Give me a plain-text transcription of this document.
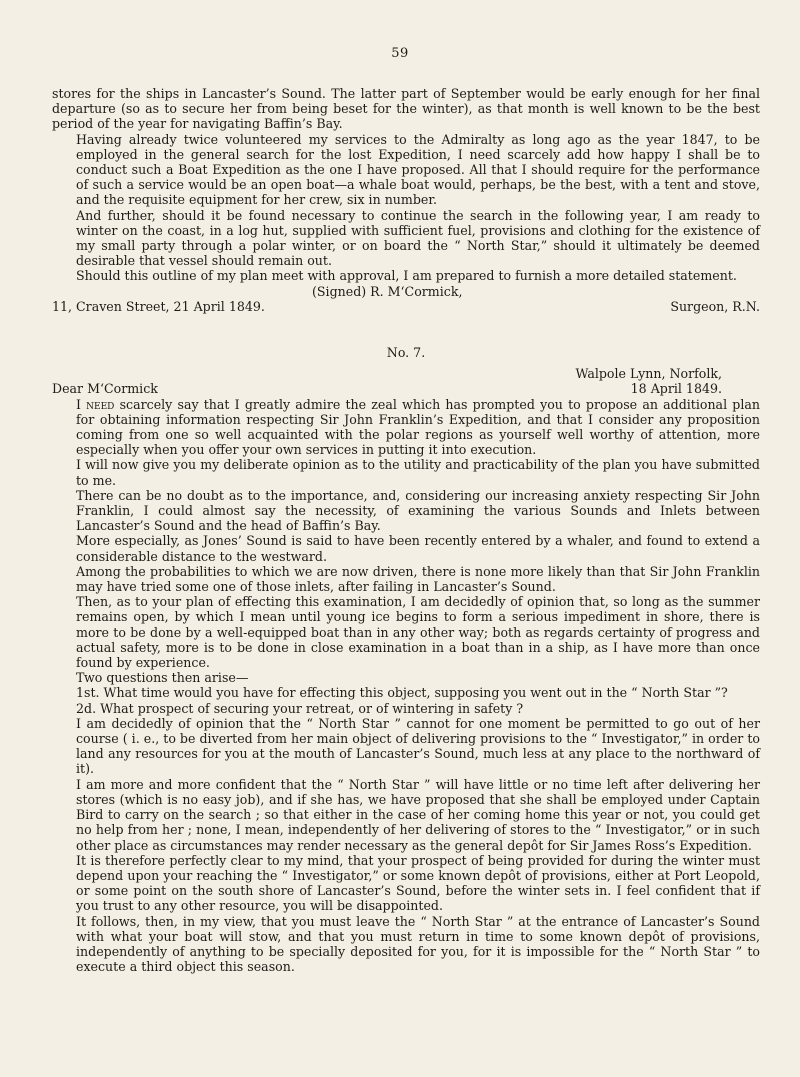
59

stores for the ships in Lancaster’s Sound. The latter part of September would be early enough for her final departure (so as to secure her from being beset for the winter), as that month is well known to be the best period of the year for navigating Baffin’s Bay.

Having already twice volunteered my services to the Admiralty as long ago as the year 1847, to be employed in the general search for the lost Expedition, I need scarcely add how happy I shall be to conduct such a Boat Expedition as the one I have proposed. All that I should require for the performance of such a service would be an open boat—a whale boat would, perhaps, be the best, with a tent and stove, and the requisite equipment for her crew, six in number.

And further, should it be found necessary to continue the search in the following year, I am ready to winter on the coast, in a log hut, supplied with sufficient fuel, provisions and clothing for the existence of my small party through a polar winter, or on board the “ North Star,” should it ultimately be deemed desirable that vessel should remain out.

Should this outline of my plan meet with approval, I am prepared to furnish a more detailed statement.

(Signed) R. M‘Cormick,
11, Craven Street, 21 April 1849.	Surgeon, R.N.
No. 7.
Walpole Lynn, Norfolk,
Dear M‘Cormick	18 April 1849.

I need scarcely say that I greatly admire the zeal which has prompted you to propose an additional plan for obtaining information respecting Sir John Franklin’s Expedition, and that I consider any proposition coming from one so well acquainted with the polar regions as yourself well worthy of attention, more especially when you offer your own services in putting it into execution.

I will now give you my deliberate opinion as to the utility and practicability of the plan you have submitted to me.

There can be no doubt as to the importance, and, considering our increasing anxiety respecting Sir John Franklin, I could almost say the necessity, of examining the various Sounds and Inlets between Lancaster’s Sound and the head of Baffin’s Bay.

More especially, as Jones’ Sound is said to have been recently entered by a whaler, and found to extend a considerable distance to the westward.

Among the probabilities to which we are now driven, there is none more likely than that Sir John Franklin may have tried some one of those inlets, after failing in Lancaster’s Sound.

Then, as to your plan of effecting this examination, I am decidedly of opinion that, so long as the summer remains open, by which I mean until young ice begins to form a serious impediment in shore, there is more to be done by a well-equipped boat than in any other way; both as regards certainty of progress and actual safety, more is to be done in close examination in a boat than in a ship, as I have more than once found by experience.

Two questions then arise—

1st. What time would you have for effecting this object, supposing you went out in the “ North Star ”?

2d. What prospect of securing your retreat, or of wintering in safety ?

I am decidedly of opinion that the “ North Star ” cannot for one moment be permitted to go out of her course ( i. e., to be diverted from her main object of delivering provisions to the “ Investigator,” in order to land any resources for you at the mouth of Lancaster’s Sound, much less at any place to the northward of it).

I am more and more confident that the “ North Star ” will have little or no time left after delivering her stores (which is no easy job), and if she has, we have proposed that she shall be employed under Captain Bird to carry on the search ; so that either in the case of her coming home this year or not, you could get no help from her ; none, I mean, independently of her delivering of stores to the “ Investigator,” or in such other place as circumstances may render necessary as the general depôt for Sir James Ross’s Expedition.

It is therefore perfectly clear to my mind, that your prospect of being provided for during the winter must depend upon your reaching the “ Investigator,” or some known depôt of provisions, either at Port Leopold, or some point on the south shore of Lancaster’s Sound, before the winter sets in. I feel confident that if you trust to any other resource, you will be disappointed.

It follows, then, in my view, that you must leave the “ North Star ” at the entrance of Lancaster’s Sound with what your boat will stow, and that you must return in time to some known depôt of provisions, independently of anything to be specially deposited for you, for it is impossible for the “ North Star ” to execute a third object this season.
